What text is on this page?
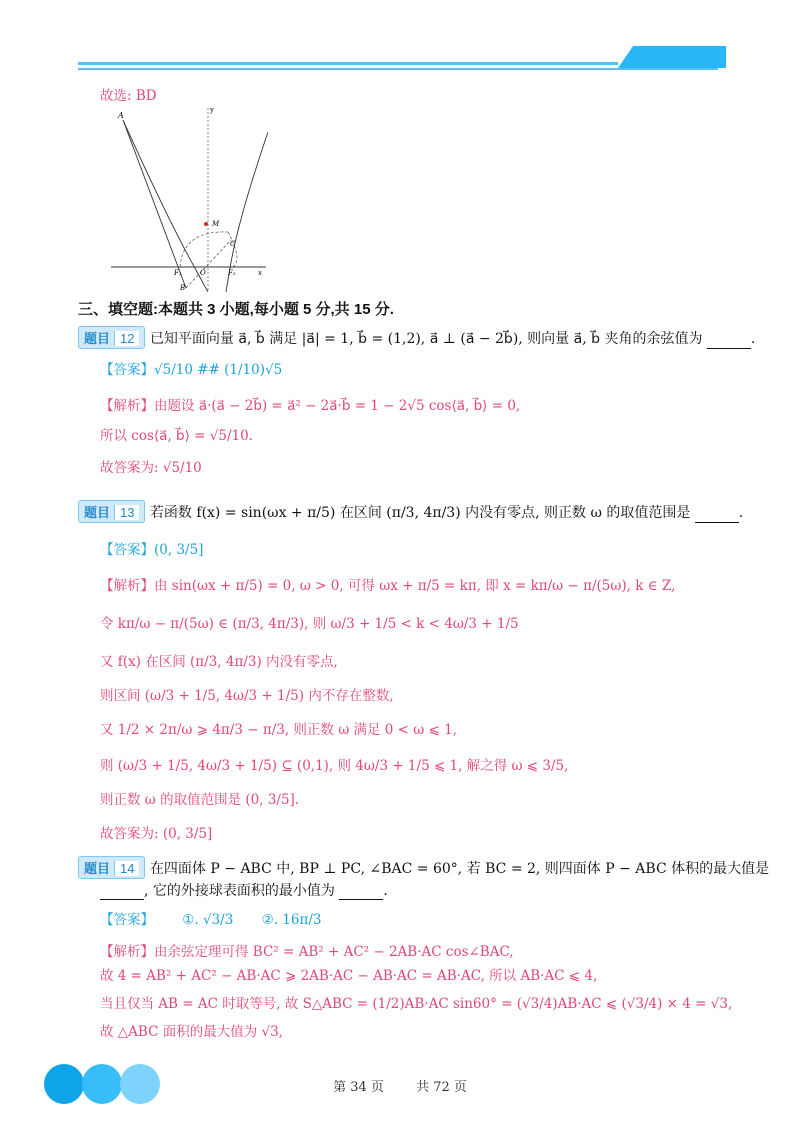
故选: BD
A
y
M
C
F₁	O	F₂	x
B
三、填空题:本题共 3 小题,每小题 5 分,共 15 分.
题目 12 已知平面向量 a⃗, b⃗ 满足 |a⃗| = 1, b⃗ = (1,2), a⃗ ⊥ (a⃗ − 2b⃗), 则向量 a⃗, b⃗ 夹角的余弦值为	.
【答案】√5/10 ## (1/10)√5
【解析】由题设 a⃗·(a⃗ − 2b⃗) = a⃗² − 2a⃗·b⃗ = 1 − 2√5 cos⟨a⃗, b⃗⟩ = 0,
所以 cos⟨a⃗, b⃗⟩ = √5/10.
故答案为: √5/10
题目 13 若函数 f(x) = sin(ωx + π/5) 在区间 (π/3, 4π/3) 内没有零点, 则正数 ω 的取值范围是	.
【答案】(0, 3/5]
【解析】由 sin(ωx + π/5) = 0, ω > 0, 可得 ωx + π/5 = kπ, 即 x = kπ/ω − π/(5ω), k ∈ Z,
令 kπ/ω − π/(5ω) ∈ (π/3, 4π/3), 则 ω/3 + 1/5 < k < 4ω/3 + 1/5
又 f(x) 在区间 (π/3, 4π/3) 内没有零点,
则区间 (ω/3 + 1/5, 4ω/3 + 1/5) 内不存在整数,
又 1/2 × 2π/ω ⩾ 4π/3 − π/3, 则正数 ω 满足 0 < ω ⩽ 1,
则 (ω/3 + 1/5, 4ω/3 + 1/5) ⊆ (0,1), 则 4ω/3 + 1/5 ⩽ 1, 解之得 ω ⩽ 3/5,
则正数 ω 的取值范围是 (0, 3/5].
故答案为: (0, 3/5]
题目 14 在四面体 P − ABC 中, BP ⊥ PC, ∠BAC = 60°, 若 BC = 2, 则四面体 P − ABC 体积的最大值是
, 它的外接球表面积的最小值为	.
【答案】 ①. √3/3 ②. 16π/3
【解析】由余弦定理可得 BC² = AB² + AC² − 2AB·AC cos∠BAC,
故 4 = AB² + AC² − AB·AC ⩾ 2AB·AC − AB·AC = AB·AC, 所以 AB·AC ⩽ 4,
当且仅当 AB = AC 时取等号, 故 S△ABC = (1/2)AB·AC sin60° = (√3/4)AB·AC ⩽ (√3/4) × 4 = √3,
故 △ABC 面积的最大值为 √3,
第 34 页 共 72 页
